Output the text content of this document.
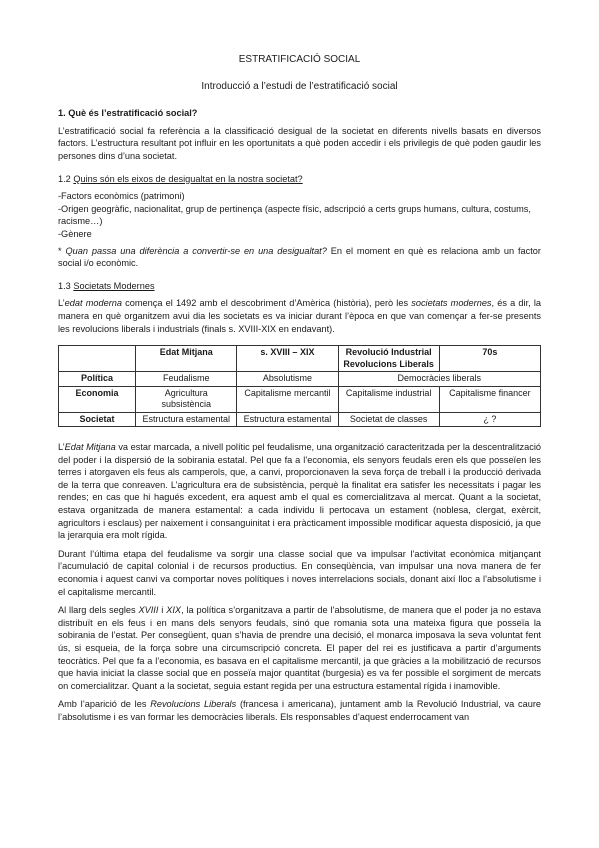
ESTRATIFICACIÓ SOCIAL
Introducció a l’estudi de l’estratificació social
1. Què és l’estratificació social?

L’estratificació social fa referència a la classificació desigual de la societat en diferents nivells basats en diversos factors. L’estructura resultant pot influir en les oportunitats a què poden accedir i els privilegis de què poden gaudir les persones dins d’una societat.

1.2 Quins són els eixos de desigualtat en la nostra societat?
-Factors econòmics (patrimoni)
-Origen geogràfic, nacionalitat, grup de pertinença (aspecte físic, adscripció a certs grups humans, cultura, costums, racisme…)
-Gènere

* Quan passa una diferència a convertir-se en una desigualtat? En el moment en què es relaciona amb un factor social i/o econòmic.

1.3 Societats Modernes

L’edat moderna comença el 1492 amb el descobriment d’Amèrica (història), però les societats modernes, és a dir, la manera en què organitzem avui dia les societats es va iniciar durant l’època en que van començar a fer-se presents les revolucions liberals i industrials (finals s. XVIII-XIX en endavant).

	Edat Mitjana	s. XVIII – XIX	Revolució Industrial Revolucions Liberals	70s
Política	Feudalisme	Absolutisme	Democràcies liberals	
Economia	Agricultura subsistència	Capitalisme mercantil	Capitalisme industrial	Capitalisme financer
Societat	Estructura estamental	Estructura estamental	Societat de classes	¿ ?

L’Edat Mitjana va estar marcada, a nivell polític pel feudalisme, una organització caracteritzada per la descentralització del poder i la dispersió de la sobirania estatal. Pel que fa a l’economia, els senyors feudals eren els que posseïen les terres i atorgaven els feus als camperols, que, a canvi, proporcionaven la seva força de treball i la producció derivada de la terra que conreaven. L’agricultura era de subsistència, perquè la finalitat era satisfer les necessitats i pagar les rendes; en cas que hi hagués excedent, era aquest amb el qual es comercialitzava al mercat. Quant a la societat, estava organitzada de manera estamental: a cada individu li pertocava un estament (noblesa, clergat, exèrcit, agricultors i esclaus) per naixement i consanguinitat i era pràcticament impossible modificar aquesta disposició, ja que la jerarquia era molt rígida.

Durant l’última etapa del feudalisme va sorgir una classe social que va impulsar l’activitat econòmica mitjançant l’acumulació de capital colonial i de recursos productius. En conseqüència, van impulsar una nova manera de fer economia i aquest canvi va comportar noves polítiques i noves interrelacions socials, donant així lloc a l’absolutisme i el capitalisme mercantil.

Al llarg dels segles XVIII i XIX, la política s’organitzava a partir de l’absolutisme, de manera que el poder ja no estava distribuït en els feus i en mans dels senyors feudals, sinó que romania sota una mateixa figura que posseïa la sobirania de l’estat. Per consegüent, quan s’havia de prendre una decisió, el monarca imposava la seva voluntat fent ús, si esqueia, de la força sobre una circumscripció concreta. El paper del rei es justificava a partir d’arguments teocràtics. Pel que fa a l’economia, es basava en el capitalisme mercantil, ja que gràcies a la mobilització de recursos que havia iniciat la classe social que en posseïa major quantitat (burgesia) es va fer possible el sorgiment de mercats on comercialitzar. Quant a la societat, seguia estant regida per una estructura estamental rígida i inamovible.

Amb l’aparició de les Revolucions Liberals (francesa i americana), juntament amb la Revolució Industrial, va caure l’absolutisme i es van formar les democràcies liberals. Els responsables d’aquest enderrocament van
